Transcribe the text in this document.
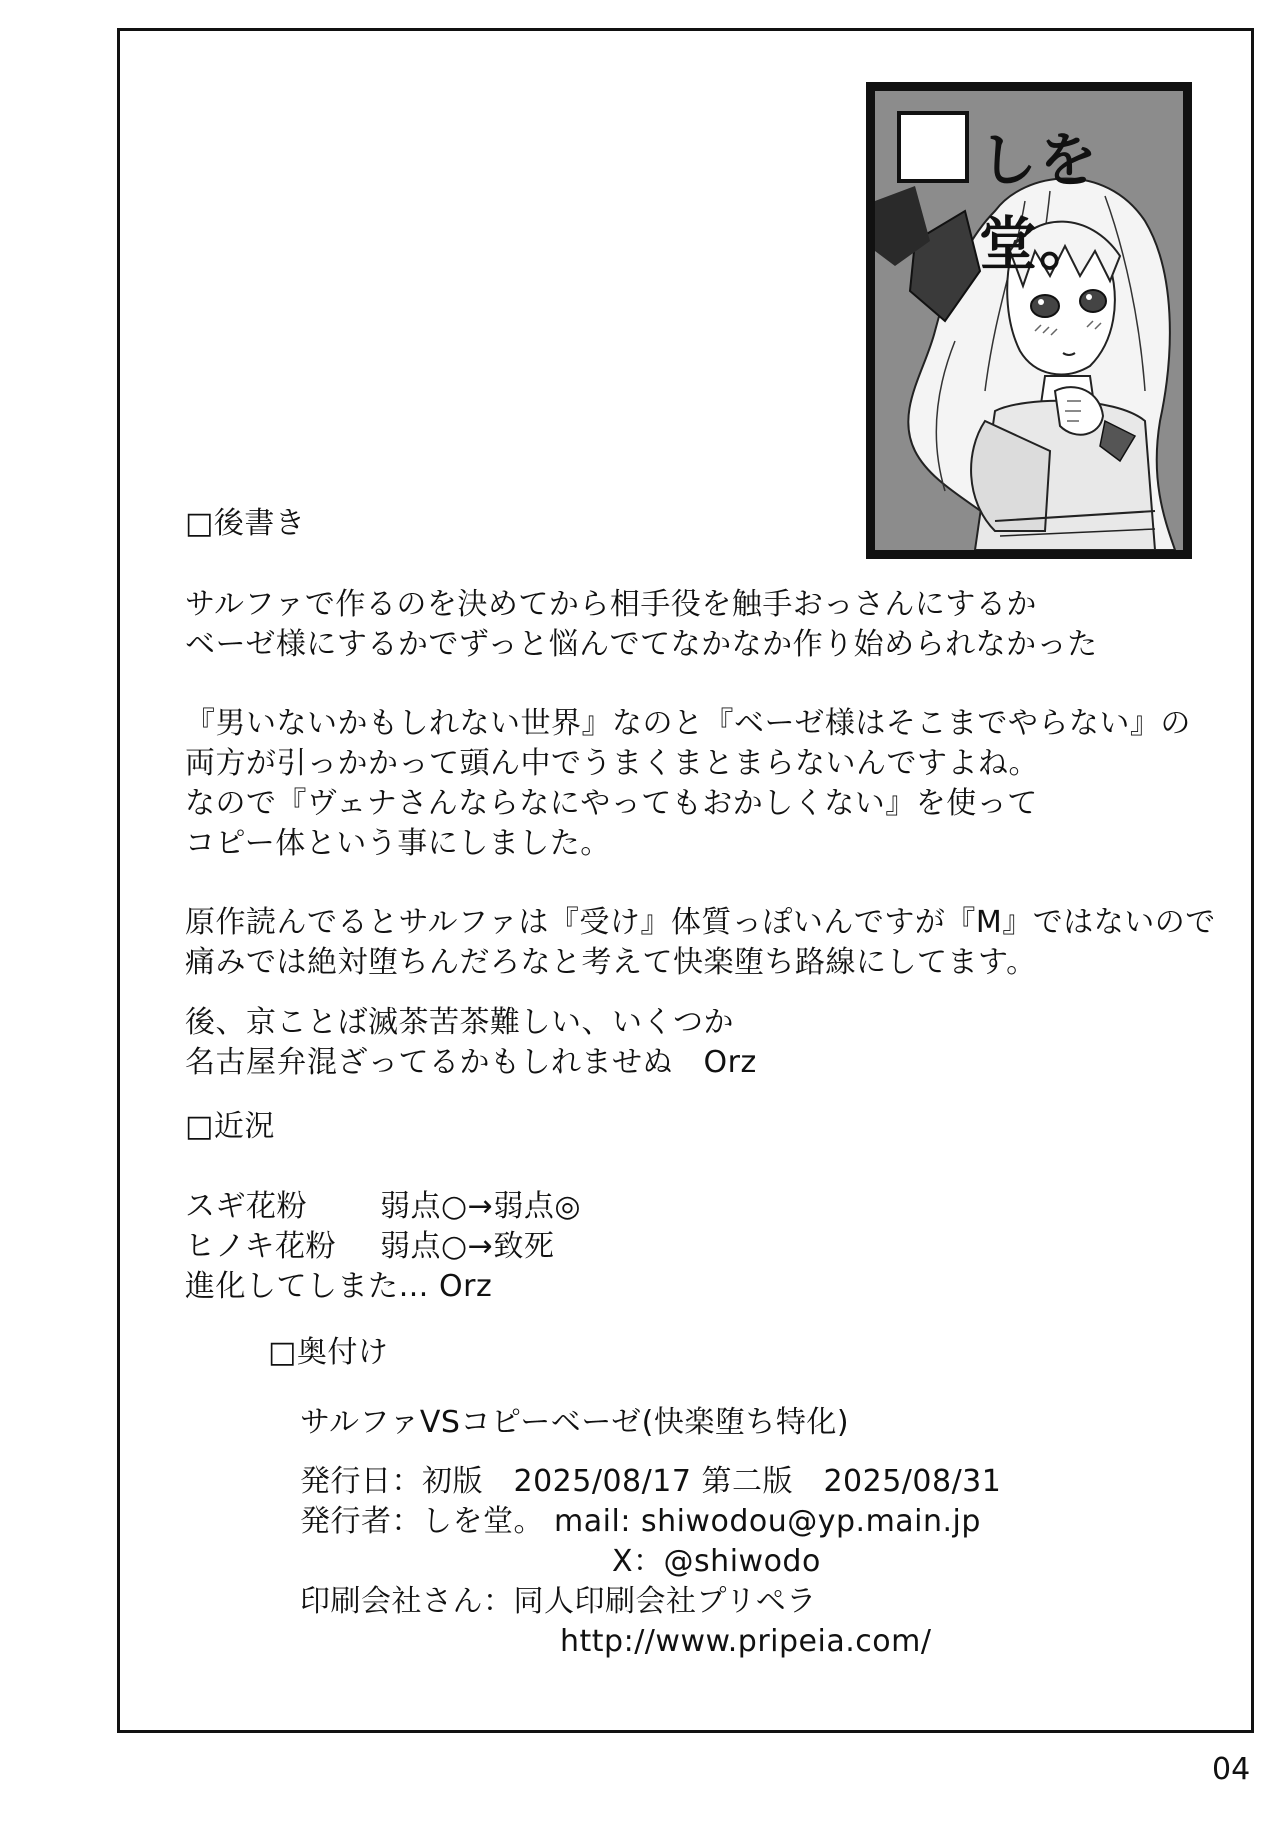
しを堂。
□後書き
サルファで作るのを決めてから相手役を触手おっさんにするか
ベーゼ様にするかでずっと悩んでてなかなか作り始められなかった
『男いないかもしれない世界』なのと『ベーゼ様はそこまでやらない』の
両方が引っかかって頭ん中でうまくまとまらないんですよね。
なので『ヴェナさんならなにやってもおかしくない』を使って
コピー体という事にしました。
原作読んでるとサルファは『受け』体質っぽいんですが『M』ではないので
痛みでは絶対堕ちんだろなと考えて快楽堕ち路線にしてます。
後、京ことば滅茶苦茶難しい、いくつか
名古屋弁混ざってるかもしれませぬ　Orz
□近況
スギ花粉 弱点○→弱点◎
ヒノキ花粉 弱点○→致死
進化してしまた… Orz
□奥付け
サルファVSコピーベーゼ(快楽堕ち特化)
発行日：初版　2025/08/17 第二版　2025/08/31
発行者：しを堂。 mail: shiwodou@yp.main.jp
X：@shiwodo
印刷会社さん：同人印刷会社プリペラ
http://www.pripeia.com/
04
